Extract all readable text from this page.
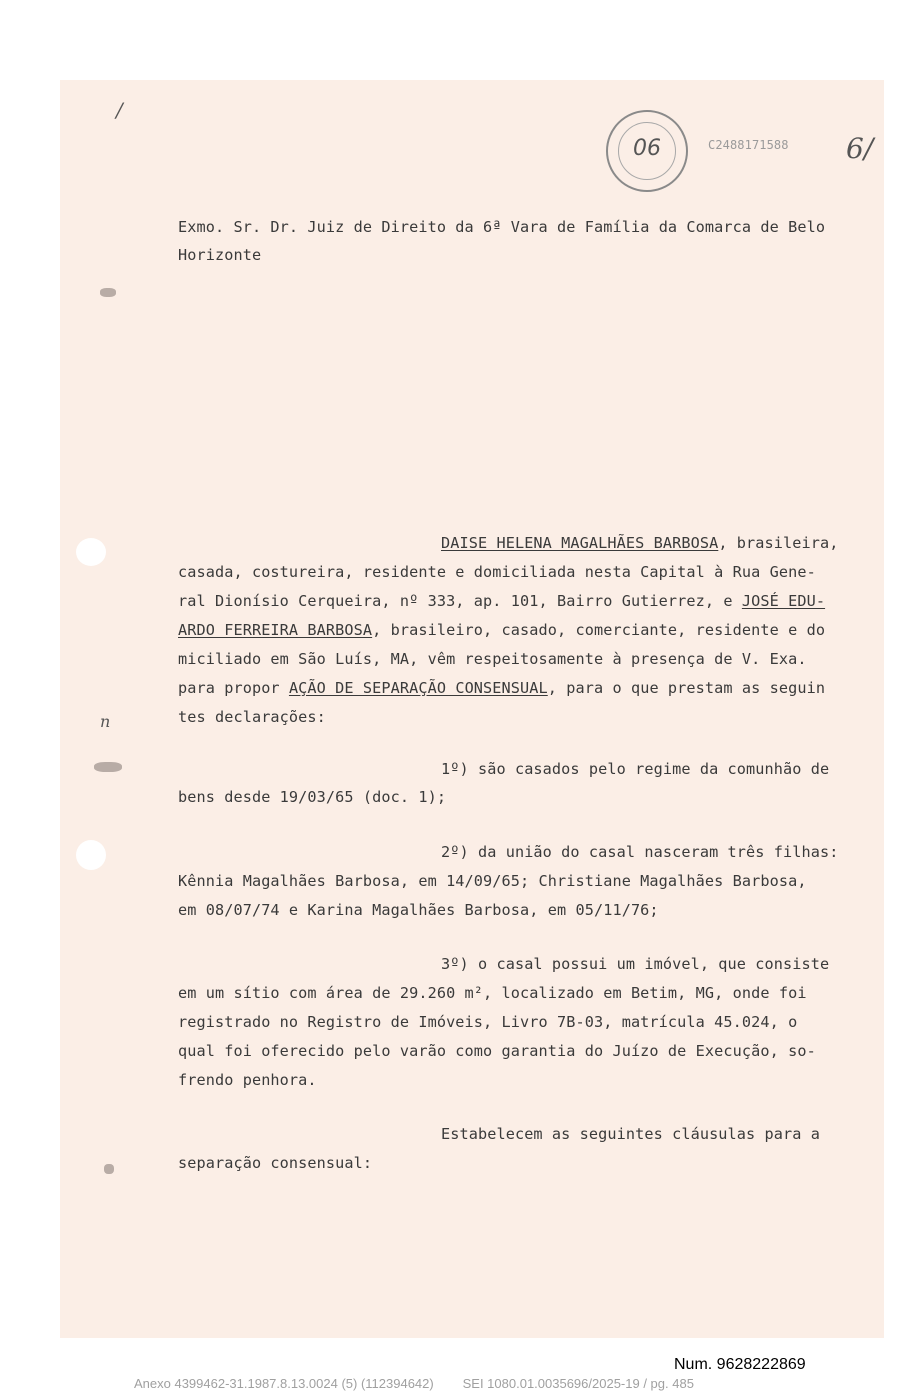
/
n
06	C2488171588 6/
Exmo. Sr. Dr. Juiz de Direito da 6ª Vara de Família da Comarca de Belo
Horizonte
DAISE HELENA MAGALHÃES BARBOSA, brasileira,
casada, costureira, residente e domiciliada nesta Capital à Rua Gene-
ral Dionísio Cerqueira, nº 333, ap. 101, Bairro Gutierrez, e JOSÉ EDU-
ARDO FERREIRA BARBOSA, brasileiro, casado, comerciante, residente e do
miciliado em São Luís, MA, vêm respeitosamente à presença de V. Exa.
para propor AÇÃO DE SEPARAÇÃO CONSENSUAL, para o que prestam as seguin
tes declarações:
1º) são casados pelo regime da comunhão de
bens desde 19/03/65 (doc. 1);
2º) da união do casal nasceram três filhas:
Kênnia Magalhães Barbosa, em 14/09/65; Christiane Magalhães Barbosa,
em 08/07/74 e Karina Magalhães Barbosa, em 05/11/76;
3º) o casal possui um imóvel, que consiste
em um sítio com área de 29.260 m², localizado em Betim, MG, onde foi
registrado no Registro de Imóveis, Livro 7B-03, matrícula 45.024, o
qual foi oferecido pelo varão como garantia do Juízo de Execução, so-
frendo penhora.
Estabelecem as seguintes cláusulas para a
separação consensual:
Num. 9628222869
Anexo 4399462-31.1987.8.13.0024 (5) (112394642)        SEI 1080.01.0035696/2025-19 / pg. 485
